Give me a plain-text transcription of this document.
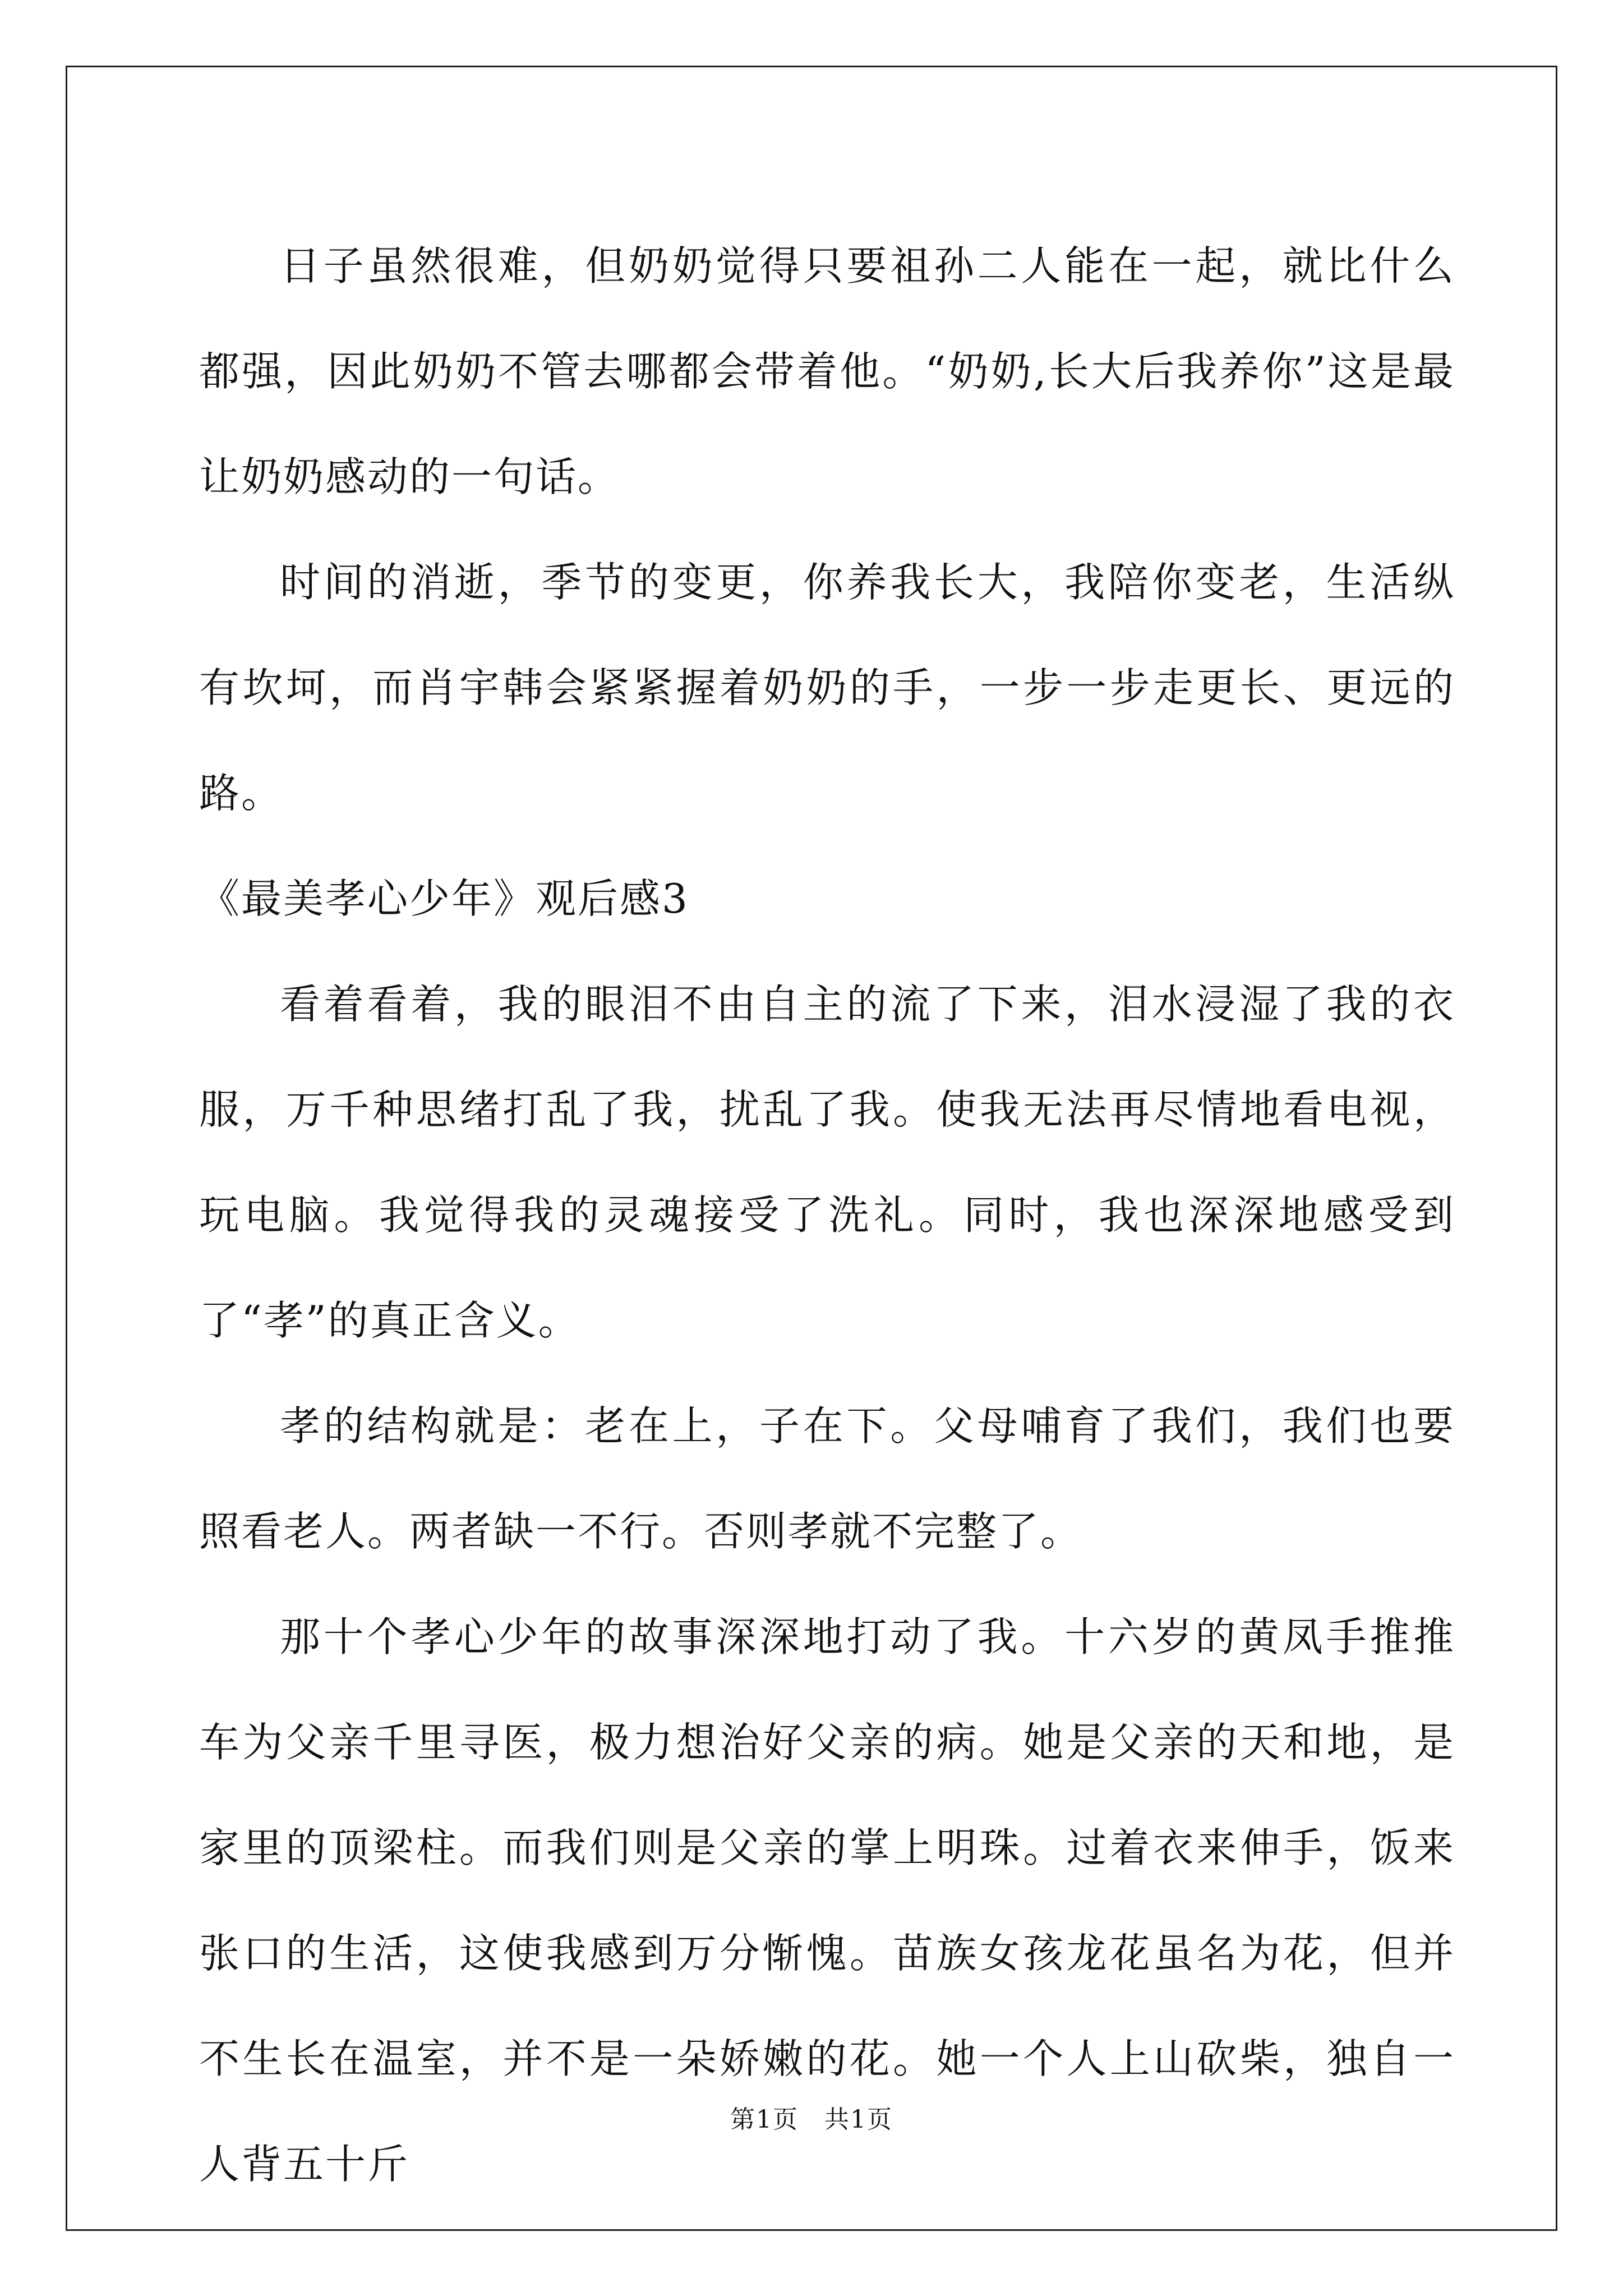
日子虽然很难，但奶奶觉得只要祖孙二人能在一起，就比什么都强，因此奶奶不管去哪都会带着他。“奶奶,长大后我养你”这是最让奶奶感动的一句话。

时间的消逝，季节的变更，你养我长大，我陪你变老，生活纵有坎坷，而肖宇韩会紧紧握着奶奶的手，一步一步走更长、更远的路。

《最美孝心少年》观后感3

看着看着，我的眼泪不由自主的流了下来，泪水浸湿了我的衣服，万千种思绪打乱了我，扰乱了我。使我无法再尽情地看电视，玩电脑。我觉得我的灵魂接受了洗礼。同时，我也深深地感受到了“孝”的真正含义。

孝的结构就是：老在上，子在下。父母哺育了我们，我们也要照看老人。两者缺一不行。否则孝就不完整了。

那十个孝心少年的故事深深地打动了我。十六岁的黄凤手推推车为父亲千里寻医，极力想治好父亲的病。她是父亲的天和地，是家里的顶梁柱。而我们则是父亲的掌上明珠。过着衣来伸手，饭来张口的生活，这使我感到万分惭愧。苗族女孩龙花虽名为花，但并不生长在温室，并不是一朵娇嫩的花。她一个人上山砍柴，独自一人背五十斤

第1页　共1页
